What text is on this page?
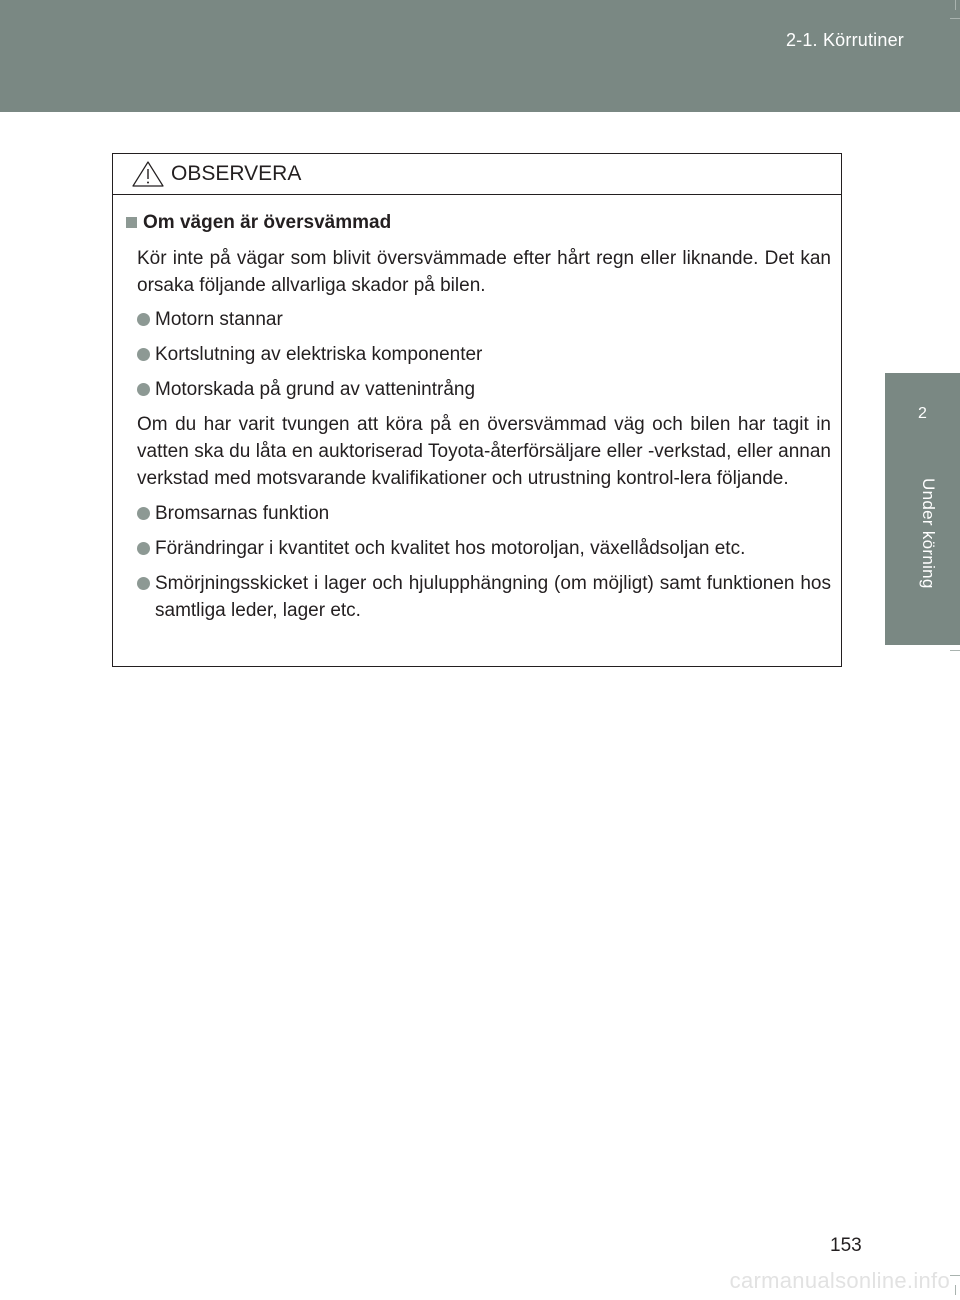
2-1. Körrutiner
2
Under körning
OBSERVERA
Om vägen är översvämmad

Kör inte på vägar som blivit översvämmade efter hårt regn eller liknande. Det kan orsaka följande allvarliga skador på bilen.

Motorn stannar
Kortslutning av elektriska komponenter
Motorskada på grund av vattenintrång

Om du har varit tvungen att köra på en översvämmad väg och bilen har tagit in vatten ska du låta en auktoriserad Toyota-återförsäljare eller -verkstad, eller annan verkstad med motsvarande kvalifikationer och utrustning kontrol-lera följande.

Bromsarnas funktion
Förändringar i kvantitet och kvalitet hos motoroljan, växellådsoljan etc.
Smörjningsskicket i lager och hjulupphängning (om möjligt) samt funktionen hos samtliga leder, lager etc.
153
carmanualsonline.info
